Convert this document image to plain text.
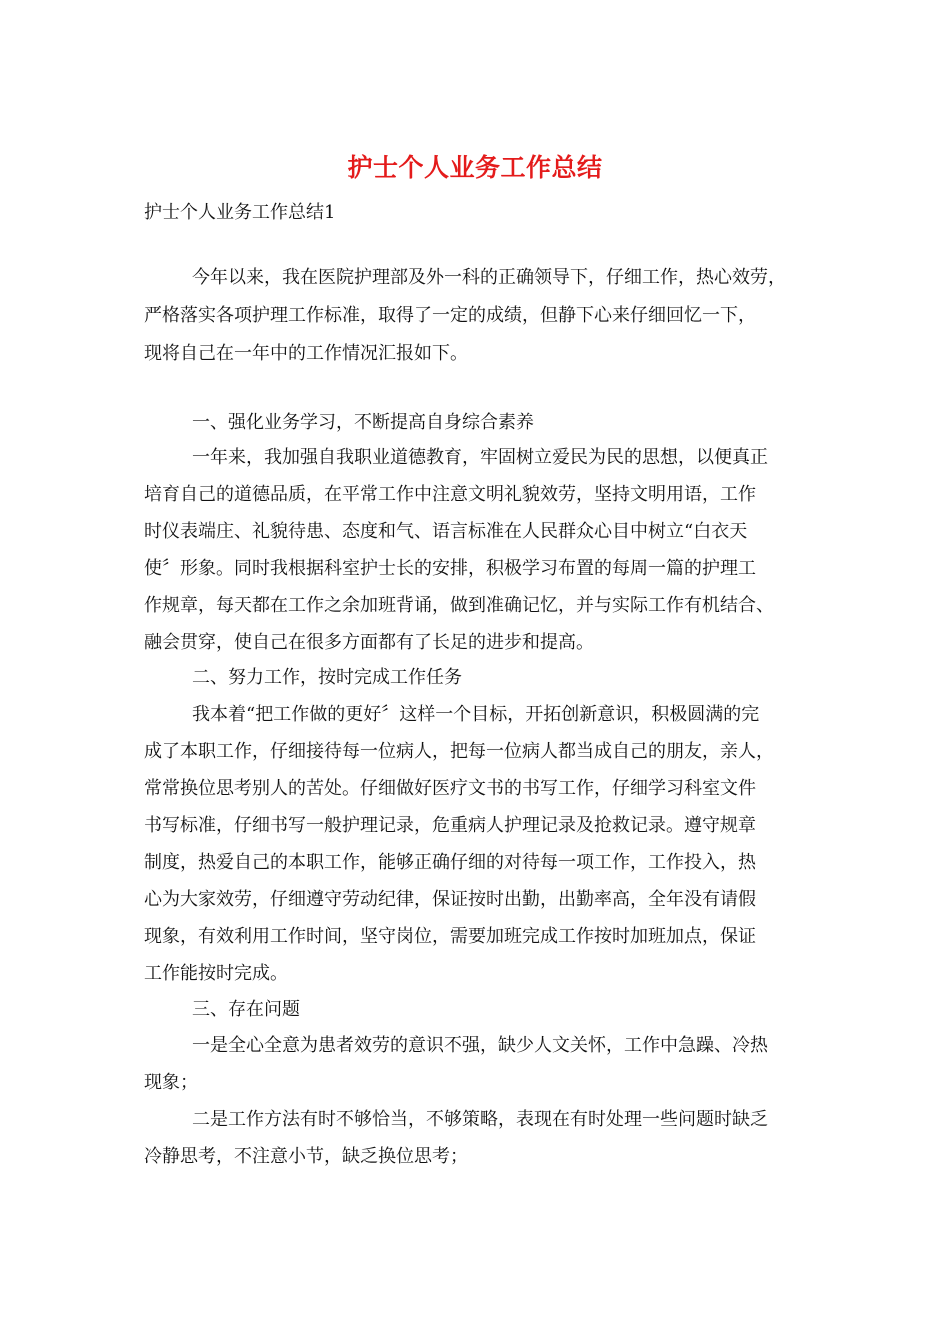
护士个人业务工作总结
护士个人业务工作总结1
今年以来，我在医院护理部及外一科的正确领导下，仔细工作，热心效劳，
严格落实各项护理工作标准，取得了一定的成绩，但静下心来仔细回忆一下，
现将自己在一年中的工作情况汇报如下。
一、强化业务学习，不断提高自身综合素养
一年来，我加强自我职业道德教育，牢固树立爱民为民的思想，以便真正
培育自己的道德品质，在平常工作中注意文明礼貌效劳，坚持文明用语，工作
时仪表端庄、礼貌待患、态度和气、语言标准在人民群众心目中树立“白衣天
使〞形象。同时我根据科室护士长的安排，积极学习布置的每周一篇的护理工
作规章，每天都在工作之余加班背诵，做到准确记忆，并与实际工作有机结合、
融会贯穿，使自己在很多方面都有了长足的进步和提高。
二、努力工作，按时完成工作任务
我本着“把工作做的更好〞这样一个目标，开拓创新意识，积极圆满的完
成了本职工作，仔细接待每一位病人，把每一位病人都当成自己的朋友，亲人，
常常换位思考别人的苦处。仔细做好医疗文书的书写工作，仔细学习科室文件
书写标准，仔细书写一般护理记录，危重病人护理记录及抢救记录。遵守规章
制度，热爱自己的本职工作，能够正确仔细的对待每一项工作，工作投入，热
心为大家效劳，仔细遵守劳动纪律，保证按时出勤，出勤率高，全年没有请假
现象，有效利用工作时间，坚守岗位，需要加班完成工作按时加班加点，保证
工作能按时完成。
三、存在问题
一是全心全意为患者效劳的意识不强，缺少人文关怀，工作中急躁、冷热
现象；
二是工作方法有时不够恰当，不够策略，表现在有时处理一些问题时缺乏
冷静思考，不注意小节，缺乏换位思考；
